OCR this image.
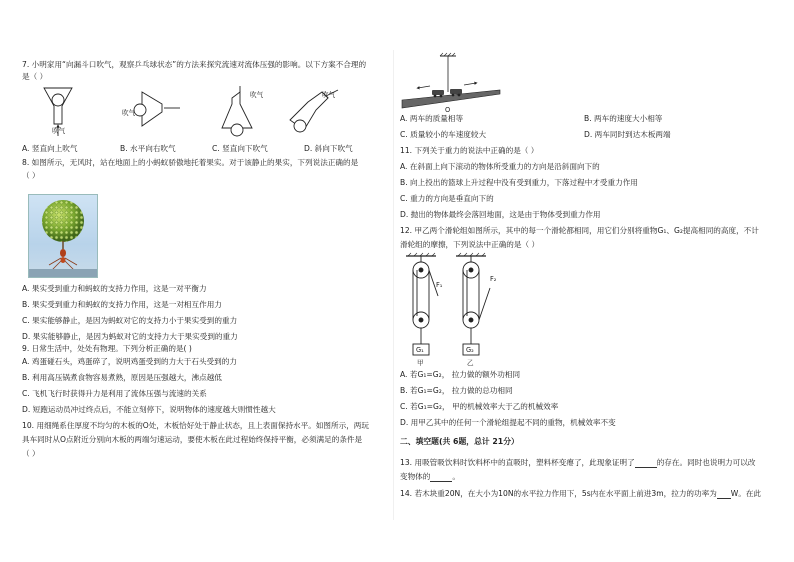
7. 小明家用“向漏斗口吹气，观察乒乓球状态”的方法来探究流速对流体压强的影响。以下方案不合理的
是（ ）
吹气
吹气
吹气	吹气
A. 竖直向上吹气	B. 水平向右吹气	C. 竖直向下吹气	D. 斜向下吹气
8. 如图所示，无风时，站在地面上的小蚂蚁骄傲地托着果实。对于该静止的果实，下列说法正确的是
（ ）
A. 果实受到重力和蚂蚁的支持力作用，这是一对平衡力
B. 果实受到重力和蚂蚁的支持力作用，这是一对相互作用力
C. 果实能够静止，是因为蚂蚁对它的支持力小于果实受到的重力
D. 果实能够静止，是因为蚂蚁对它的支持力大于果实受到的重力
9. 日常生活中，处处有物理。下列分析正确的是( )
A. 鸡蛋碰石头，鸡蛋碎了，说明鸡蛋受到的力大于石头受到的力
B. 利用高压锅煮食物容易煮熟，原因是压强越大，沸点越低
C. 飞机飞行时获得升力是利用了流体压强与流速的关系
D. 短跑运动员冲过终点后，不能立刻停下，说明物体的速度越大则惯性越大
10. 用细绳系住厚度不均匀的木板的O处，木板恰好处于静止状态，且上表面保持水平。如图所示，两玩
具车同时从O点附近分别向木板的两端匀速运动，要使木板在此过程始终保持平衡，必须满足的条件是
（ ）
O
A. 两车的质量相等	B. 两车的速度大小相等
C. 质量较小的车速度较大	D. 两车同时到达木板两端
11. 下列关于重力的说法中正确的是（ ）
A. 在斜面上向下滚动的物体所受重力的方向是沿斜面向下的
B. 向上投出的篮球上升过程中没有受到重力，下落过程中才受重力作用
C. 重力的方向是垂直向下的
D. 抛出的物体最终会落回地面，这是由于物体受到重力作用
12. 甲乙两个滑轮组如图所示，其中的每一个滑轮都相同，用它们分别将重物G₁、G₂提高相同的高度，不计
滑轮组的摩擦，下列说法中正确的是（ ）
F₁
F₂
G₁	G₂
甲	乙
A. 若G₁=G₂， 拉力做的额外功相同
B. 若G₁=G₂， 拉力做的总功相同
C. 若G₁=G₂， 甲的机械效率大于乙的机械效率
D. 用甲乙其中的任何一个滑轮组提起不同的重物，机械效率不变
二、填空题(共 6题，总计 21分）
13. 用吸管吸饮料时饮料杯中的直吸时，塑料杯变瘪了，此现象证明了	的存在。同时也说明力可以改
变物体的	。
14. 若木块重20N，在大小为10N的水平拉力作用下，5s内在水平面上前进3m，拉力的功率为 W。在此
